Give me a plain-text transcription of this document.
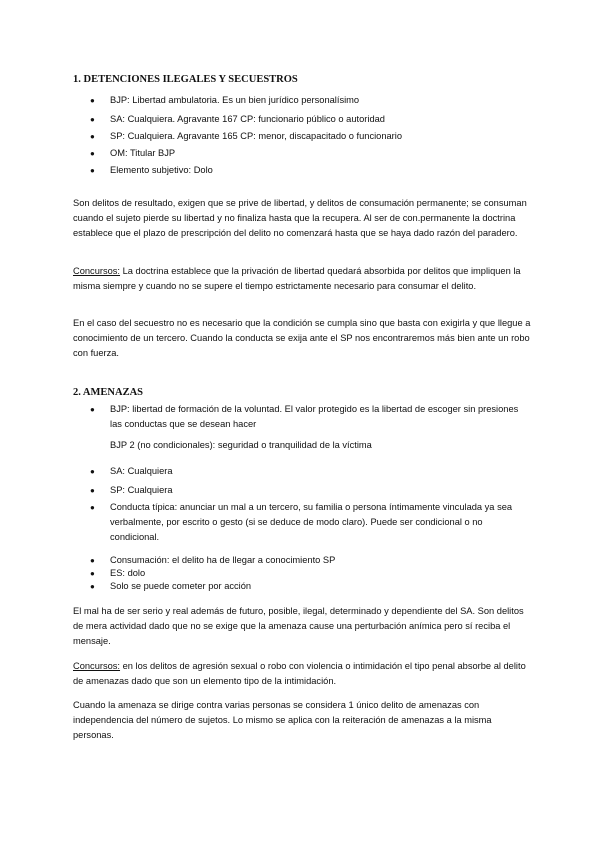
1. DETENCIONES ILEGALES Y SECUESTROS
● BJP: Libertad ambulatoria. Es un bien jurídico personalísimo
● SA: Cualquiera. Agravante 167 CP: funcionario público o autoridad
● SP: Cualquiera. Agravante 165 CP: menor, discapacitado o funcionario
● OM: Titular BJP
● Elemento subjetivo: Dolo
Son delitos de resultado, exigen que se prive de libertad, y delitos de consumación permanente; se consuman cuando el sujeto pierde su libertad y no finaliza hasta que la recupera. Al ser de con.permanente la doctrina establece que el plazo de prescripción del delito no comenzará hasta que se haya dado razón del paradero.
Concursos: La doctrina establece que la privación de libertad quedará absorbida por delitos que impliquen la misma siempre y cuando no se supere el tiempo estrictamente necesario para consumar el delito.
En el caso del secuestro no es necesario que la condición se cumpla sino que basta con exigirla y que llegue a conocimiento de un tercero. Cuando la conducta se exija ante el SP nos encontraremos más bien ante un robo con fuerza.
2. AMENAZAS
● BJP: libertad de formación de la voluntad. El valor protegido es la libertad de escoger sin presiones las conductas que se desean hacer
BJP 2 (no condicionales): seguridad o tranquilidad de la víctima
● SA: Cualquiera
● SP: Cualquiera
● Conducta típica: anunciar un mal a un tercero, su familia o persona íntimamente vinculada ya sea verbalmente, por escrito o gesto (si se deduce de modo claro). Puede ser condicional o no condicional.
● Consumación: el delito ha de llegar a conocimiento SP
● ES: dolo
● Solo se puede cometer por acción
El mal ha de ser serio y real además de futuro, posible, ilegal, determinado y dependiente del SA. Son delitos de mera actividad dado que no se exige que la amenaza cause una perturbación anímica pero sí reciba el mensaje.
Concursos: en los delitos de agresión sexual o robo con violencia o intimidación el tipo penal absorbe al delito de amenazas dado que son un elemento tipo de la intimidación.
Cuando la amenaza se dirige contra varias personas se considera 1 único delito de amenazas con independencia del número de sujetos. Lo mismo se aplica con la reiteración de amenazas a la misma personas.
